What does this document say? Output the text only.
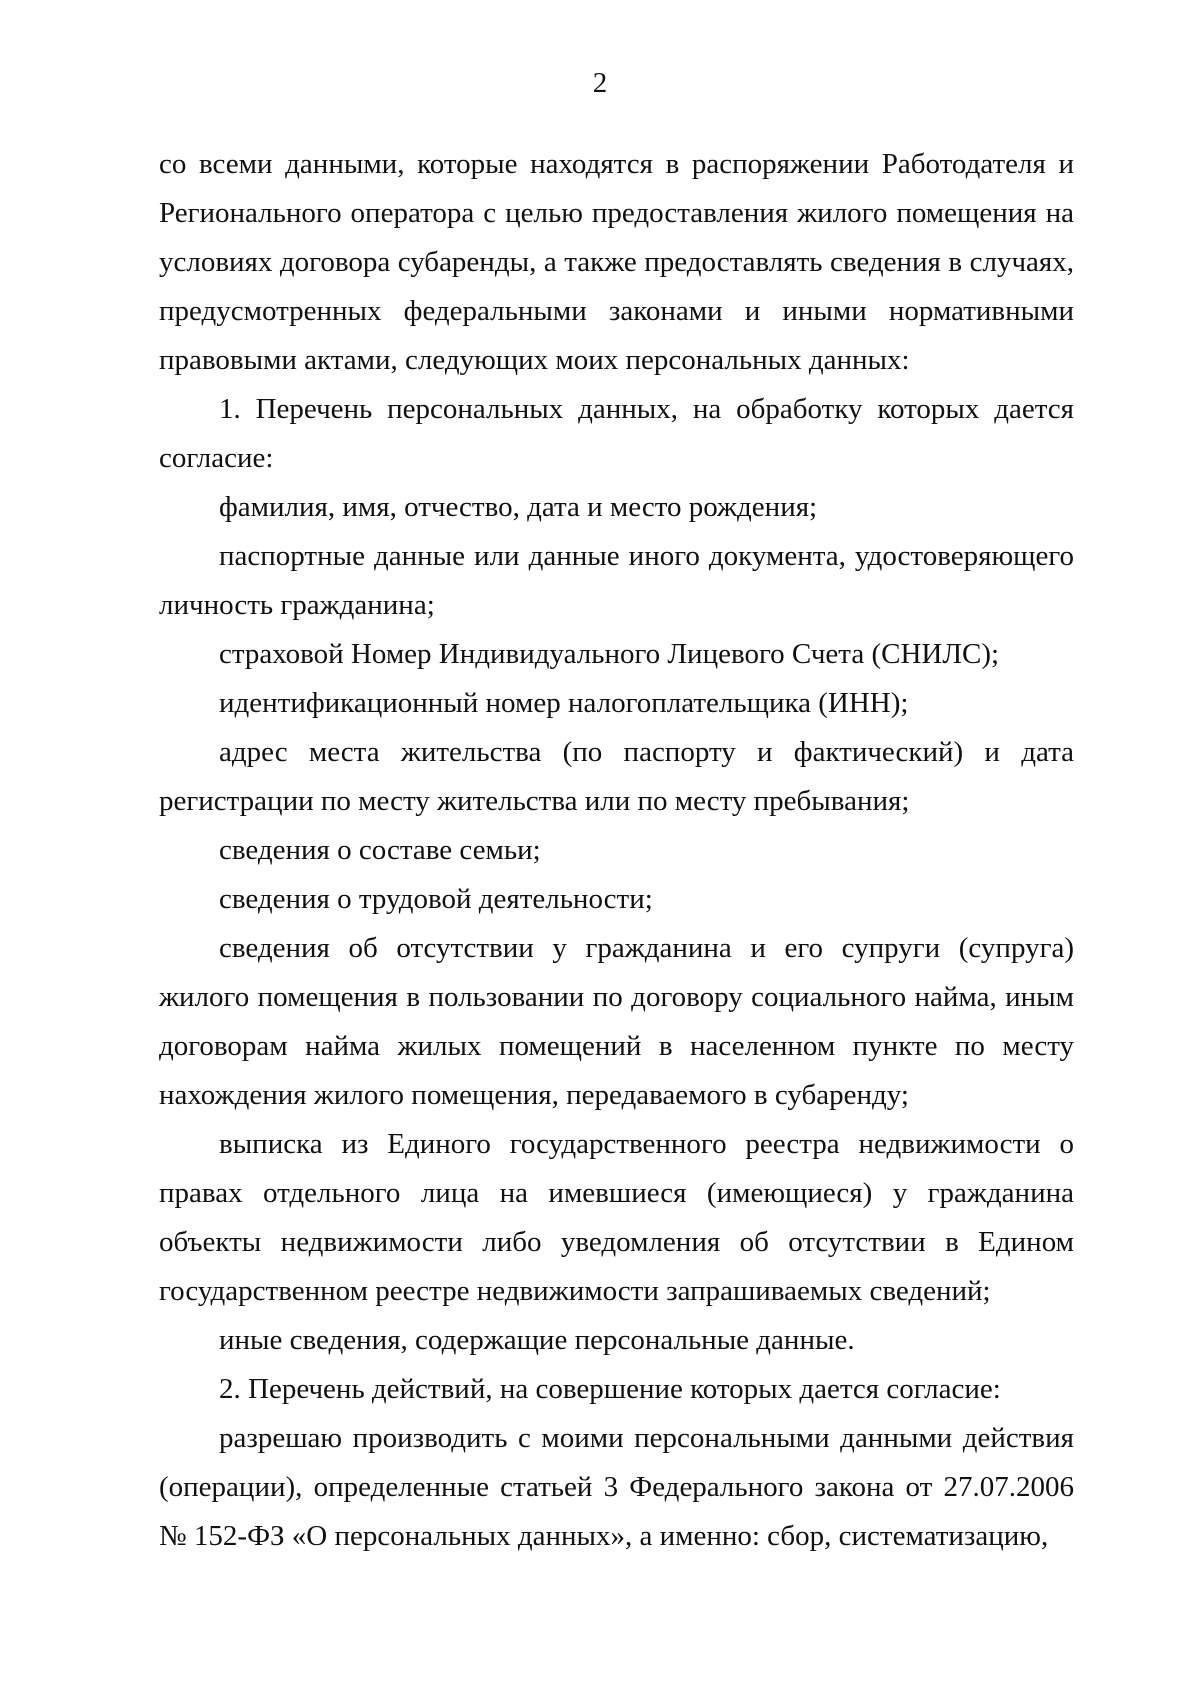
2

со всеми данными, которые находятся в распоряжении Работодателя и Регионального оператора с целью предоставления жилого помещения на условиях договора субаренды, а также предоставлять сведения в случаях, предусмотренных федеральными законами и иными нормативными правовыми актами, следующих моих персональных данных:

1. Перечень персональных данных, на обработку которых дается согласие:

фамилия, имя, отчество, дата и место рождения;

паспортные данные или данные иного документа, удостоверяющего личность гражданина;

страховой Номер Индивидуального Лицевого Счета (СНИЛС);

идентификационный номер налогоплательщика (ИНН);

адрес места жительства (по паспорту и фактический) и дата регистрации по месту жительства или по месту пребывания;

сведения о составе семьи;

сведения о трудовой деятельности;

сведения об отсутствии у гражданина и его супруги (супруга) жилого помещения в пользовании по договору социального найма, иным договорам найма жилых помещений в населенном пункте по месту нахождения жилого помещения, передаваемого в субаренду;

выписка из Единого государственного реестра недвижимости о правах отдельного лица на имевшиеся (имеющиеся) у гражданина объекты недвижимости либо уведомления об отсутствии в Едином государственном реестре недвижимости запрашиваемых сведений;

иные сведения, содержащие персональные данные.

2. Перечень действий, на совершение которых дается согласие:

разрешаю производить с моими персональными данными действия (операции), определенные статьей 3 Федерального закона от 27.07.2006 № 152-ФЗ «О персональных данных», а именно: сбор, систематизацию,
